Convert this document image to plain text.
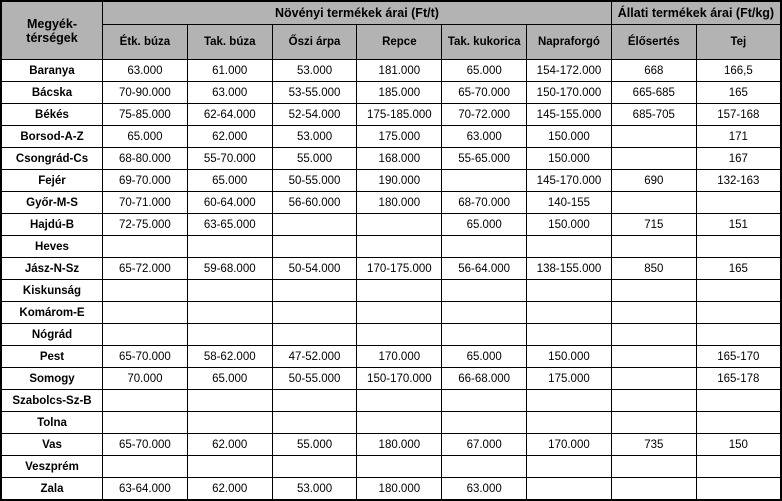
Megyék-
térségek	Növényi termékek árai (Ft/t)						Állati termékek árai (Ft/kg)	
	Étk. búza	Tak. búza	Őszi árpa	Repce	Tak. kukorica	Napraforgó	Élősertés	Tej
Baranya	63.000	61.000	53.000	181.000	65.000	154-172.000	668	166,5
Bácska	70-90.000	63.000	53-55.000	185.000	65-70.000	150-170.000	665-685	165
Békés	75-85.000	62-64.000	52-54.000	175-185.000	70-72.000	145-155.000	685-705	157-168
Borsod-A-Z	65.000	62.000	53.000	175.000	63.000	150.000		171
Csongrád-Cs	68-80.000	55-70.000	55.000	168.000	55-65.000	150.000		167
Fejér	69-70.000	65.000	50-55.000	190.000		145-170.000	690	132-163
Győr-M-S	70-71.000	60-64.000	56-60.000	180.000	68-70.000	140-155		
Hajdú-B	72-75.000	63-65.000			65.000	150.000	715	151
Heves								
Jász-N-Sz	65-72.000	59-68.000	50-54.000	170-175.000	56-64.000	138-155.000	850	165
Kiskunság								
Komárom-E								
Nógrád								
Pest	65-70.000	58-62.000	47-52.000	170.000	65.000	150.000		165-170
Somogy	70.000	65.000	50-55.000	150-170.000	66-68.000	175.000		165-178
Szabolcs-Sz-B								
Tolna								
Vas	65-70.000	62.000	55.000	180.000	67.000	170.000	735	150
Veszprém								
Zala	63-64.000	62.000	53.000	180.000	63.000			
